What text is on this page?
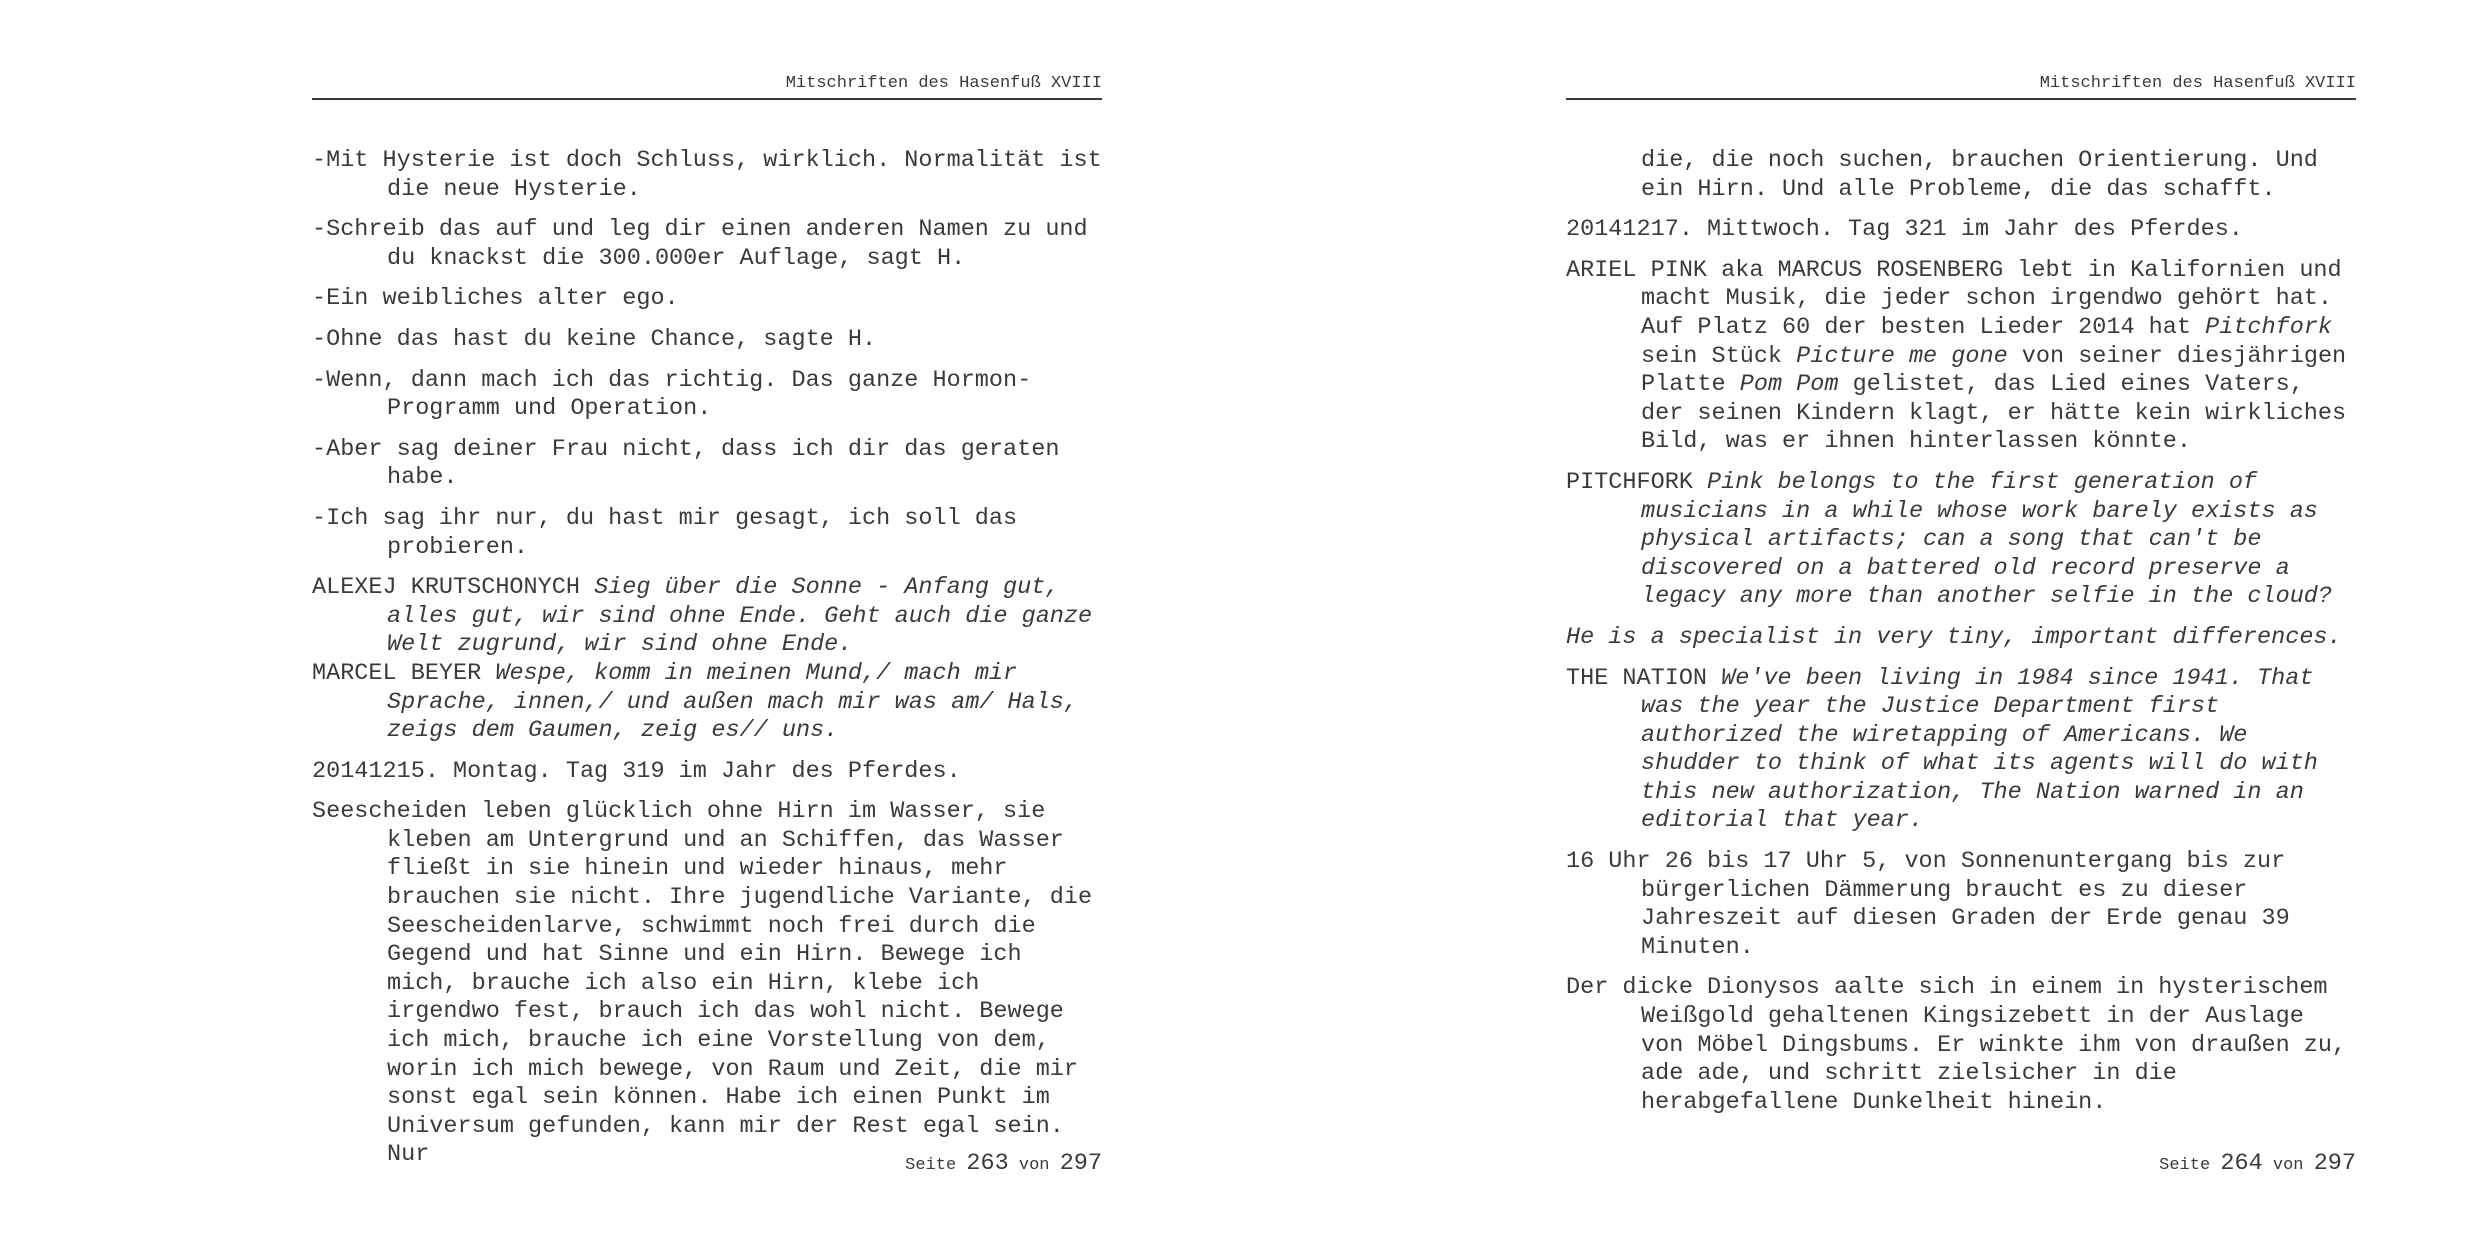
Mitschriften des Hasenfuß XVIII

-Mit Hysterie ist doch Schluss, wirklich. Normalität ist die neue Hysterie.

-Schreib das auf und leg dir einen anderen Namen zu und du knackst die 300.000er Auflage, sagt H.

-Ein weibliches alter ego.

-Ohne das hast du keine Chance, sagte H.

-Wenn, dann mach ich das richtig. Das ganze Hormon-Programm und Operation.

-Aber sag deiner Frau nicht, dass ich dir das geraten habe.

-Ich sag ihr nur, du hast mir gesagt, ich soll das probieren.

ALEXEJ KRUTSCHONYCH Sieg über die Sonne - Anfang gut, alles gut, wir sind ohne Ende. Geht auch die ganze Welt zugrund, wir sind ohne Ende.

MARCEL BEYER Wespe, komm in meinen Mund,/ mach mir Sprache, innen,/ und außen mach mir was am/ Hals, zeigs dem Gaumen, zeig es// uns.

20141215. Montag. Tag 319 im Jahr des Pferdes.

Seescheiden leben glücklich ohne Hirn im Wasser, sie kleben am Untergrund und an Schiffen, das Wasser fließt in sie hinein und wieder hinaus, mehr brauchen sie nicht. Ihre jugendliche Variante, die Seescheidenlarve, schwimmt noch frei durch die Gegend und hat Sinne und ein Hirn. Bewege ich mich, brauche ich also ein Hirn, klebe ich irgendwo fest, brauch ich das wohl nicht. Bewege ich mich, brauche ich eine Vorstellung von dem, worin ich mich bewege, von Raum und Zeit, die mir sonst egal sein können. Habe ich einen Punkt im Universum gefunden, kann mir der Rest egal sein. Nur	Seite 263 von 297
Mitschriften des Hasenfuß XVIII

die, die noch suchen, brauchen Orientierung. Und ein Hirn. Und alle Probleme, die das schafft.

20141217. Mittwoch. Tag 321 im Jahr des Pferdes.

ARIEL PINK aka MARCUS ROSENBERG lebt in Kalifornien und macht Musik, die jeder schon irgendwo gehört hat. Auf Platz 60 der besten Lieder 2014 hat Pitchfork sein Stück Picture me gone von seiner diesjährigen Platte Pom Pom gelistet, das Lied eines Vaters, der seinen Kindern klagt, er hätte kein wirkliches Bild, was er ihnen hinterlassen könnte.

PITCHFORK Pink belongs to the first generation of musicians in a while whose work barely exists as physical artifacts; can a song that can't be discovered on a battered old record preserve a legacy any more than another selfie in the cloud?

He is a specialist in very tiny, important differences.

THE NATION We've been living in 1984 since 1941. That was the year the Justice Department first authorized the wiretapping of Americans. We shudder to think of what its agents will do with this new authorization, The Nation warned in an editorial that year.

16 Uhr 26 bis 17 Uhr 5, von Sonnenuntergang bis zur bürgerlichen Dämmerung braucht es zu dieser Jahreszeit auf diesen Graden der Erde genau 39 Minuten.

Der dicke Dionysos aalte sich in einem in hysterischem Weißgold gehaltenen Kingsizebett in der Auslage von Möbel Dingsbums. Er winkte ihm von draußen zu, ade ade, und schritt zielsicher in die herabgefallene Dunkelheit hinein.

Seite 264 von 297
